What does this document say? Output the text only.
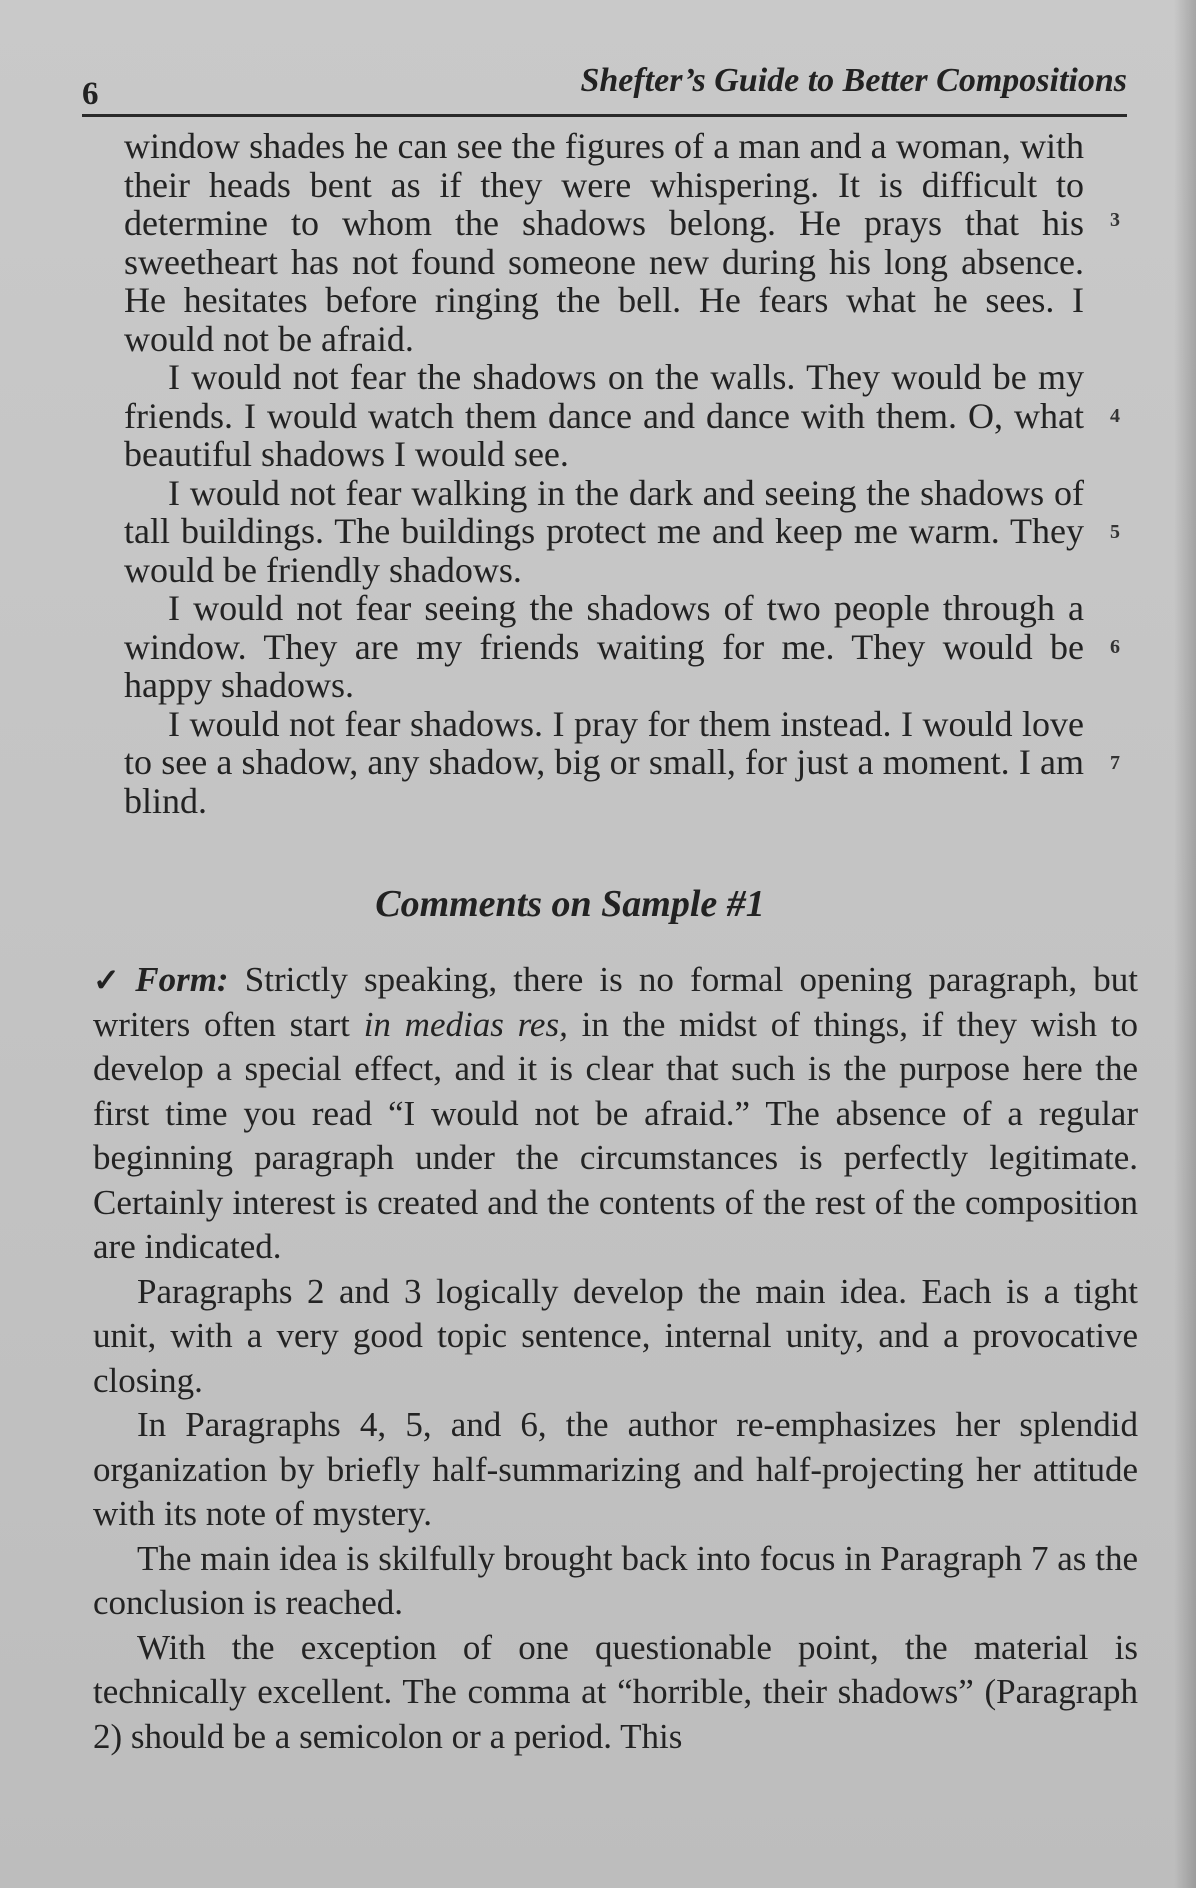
6	Shefter’s Guide to Better Compositions

window shades he can see the figures of a man and a woman, with their heads bent as if they were whispering. It is difficult to determine to whom the shadows belong. He prays that his sweetheart has not found someone new during his long absence. He hesitates before ringing the bell. He fears what he sees. I would not be afraid.
3

I would not fear the shadows on the walls. They would be my friends. I would watch them dance and dance with them. O, what beautiful shadows I would see.
4

I would not fear walking in the dark and seeing the shadows of tall buildings. The buildings protect me and keep me warm. They would be friendly shadows.
5

I would not fear seeing the shadows of two people through a window. They are my friends waiting for me. They would be happy shadows.
6

I would not fear shadows. I pray for them instead. I would love to see a shadow, any shadow, big or small, for just a moment. I am blind.
7

Comments on Sample #1

✓ Form: Strictly speaking, there is no formal opening paragraph, but writers often start in medias res, in the midst of things, if they wish to develop a special effect, and it is clear that such is the purpose here the first time you read “I would not be afraid.” The absence of a regular beginning paragraph under the circumstances is perfectly legitimate. Certainly interest is created and the contents of the rest of the composition are indicated.

Paragraphs 2 and 3 logically develop the main idea. Each is a tight unit, with a very good topic sentence, internal unity, and a provocative closing.

In Paragraphs 4, 5, and 6, the author re-emphasizes her splendid organization by briefly half-summarizing and half-projecting her attitude with its note of mystery.

The main idea is skilfully brought back into focus in Paragraph 7 as the conclusion is reached.

With the exception of one questionable point, the material is technically excellent. The comma at “horrible, their shadows” (Paragraph 2) should be a semicolon or a period. This
